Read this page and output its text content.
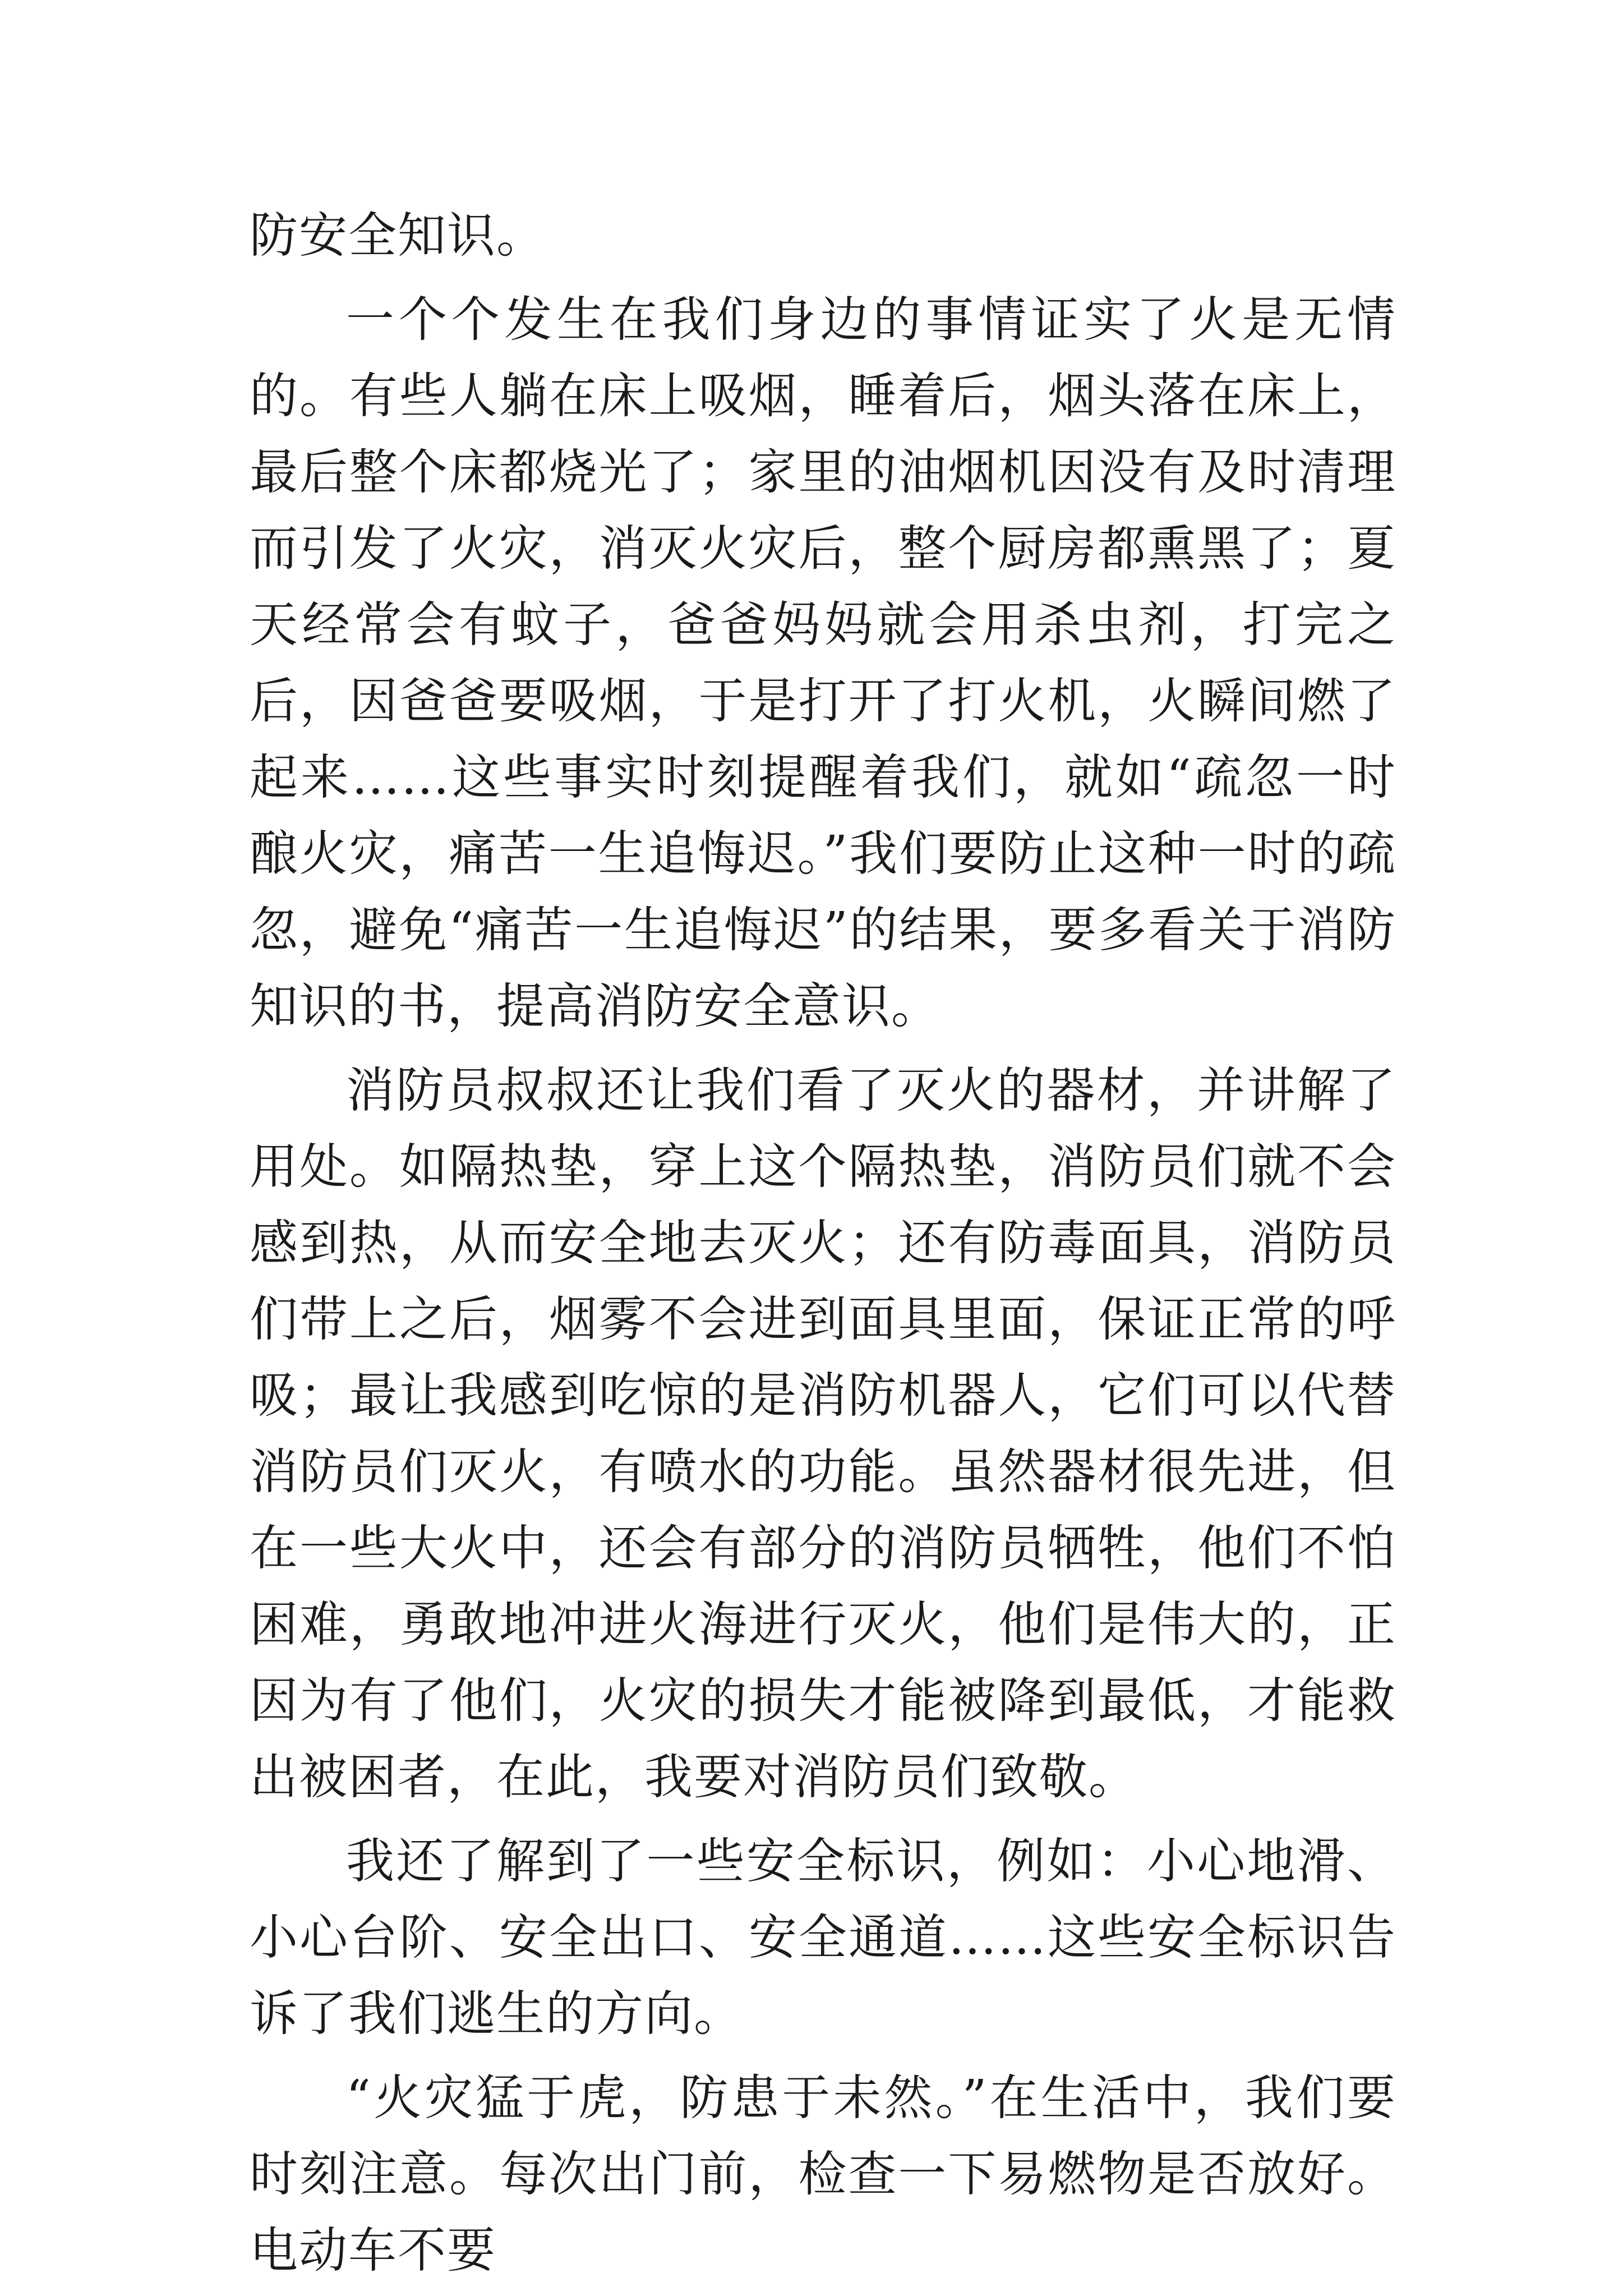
防安全知识。

一个个发生在我们身边的事情证实了火是无情的。有些人躺在床上吸烟，睡着后，烟头落在床上，最后整个床都烧光了；家里的油烟机因没有及时清理而引发了火灾，消灭火灾后，整个厨房都熏黑了；夏天经常会有蚊子，爸爸妈妈就会用杀虫剂，打完之后，因爸爸要吸烟，于是打开了打火机，火瞬间燃了起来……这些事实时刻提醒着我们，就如“疏忽一时酿火灾，痛苦一生追悔迟。”我们要防止这种一时的疏忽，避免“痛苦一生追悔迟”的结果，要多看关于消防知识的书，提高消防安全意识。

消防员叔叔还让我们看了灭火的器材，并讲解了用处。如隔热垫，穿上这个隔热垫，消防员们就不会感到热，从而安全地去灭火；还有防毒面具，消防员们带上之后，烟雾不会进到面具里面，保证正常的呼吸；最让我感到吃惊的是消防机器人，它们可以代替消防员们灭火，有喷水的功能。虽然器材很先进，但在一些大火中，还会有部分的消防员牺牲，他们不怕困难，勇敢地冲进火海进行灭火，他们是伟大的，正因为有了他们，火灾的损失才能被降到最低，才能救出被困者，在此，我要对消防员们致敬。

我还了解到了一些安全标识，例如：小心地滑、小心台阶、安全出口、安全通道……这些安全标识告诉了我们逃生的方向。

“火灾猛于虎，防患于未然。”在生活中，我们要时刻注意。每次出门前，检查一下易燃物是否放好。电动车不要
